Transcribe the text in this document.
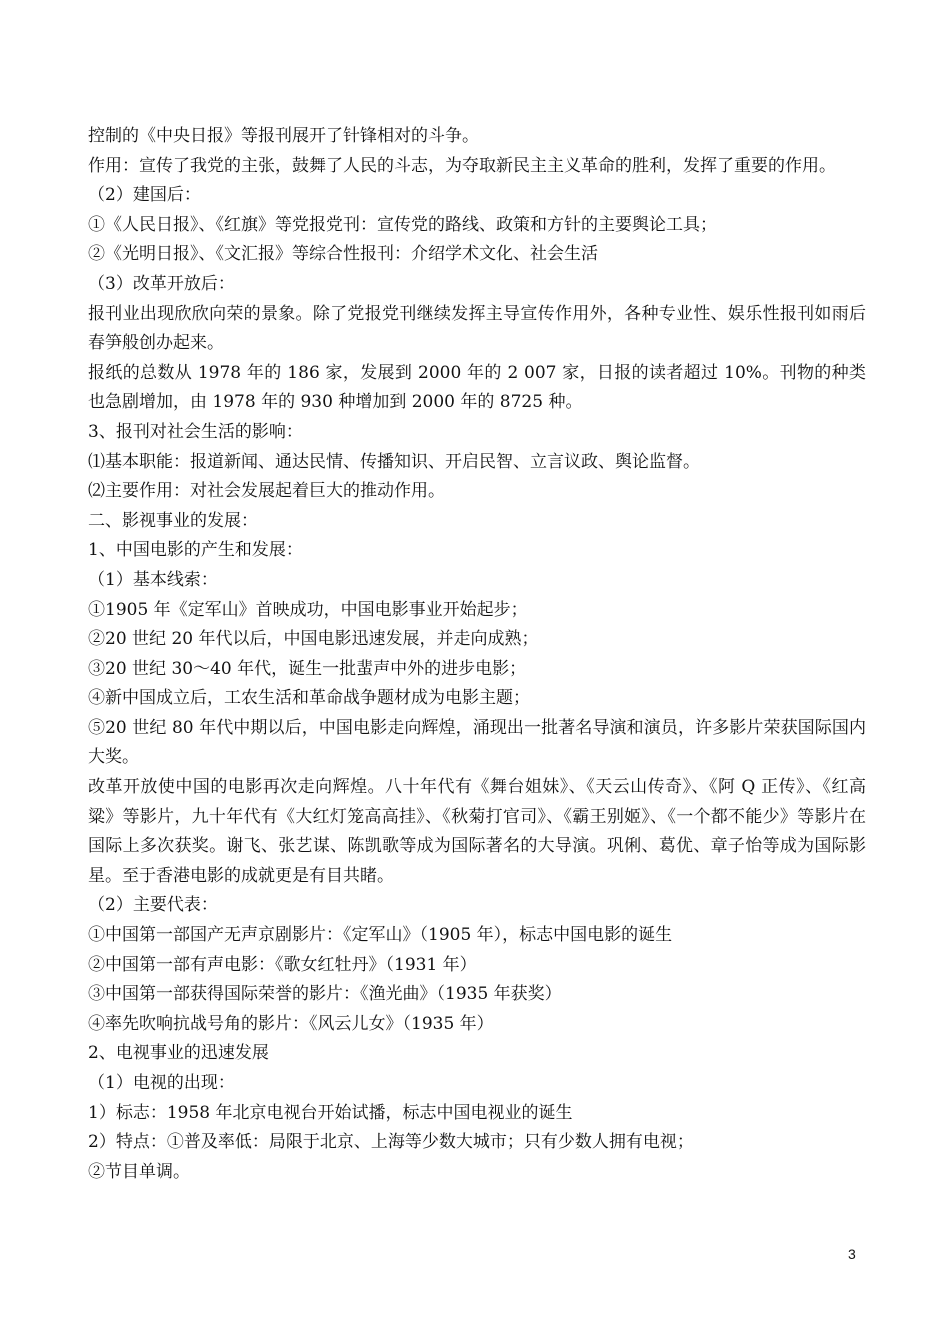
控制的《中央日报》等报刊展开了针锋相对的斗争。
作用：宣传了我党的主张，鼓舞了人民的斗志，为夺取新民主主义革命的胜利，发挥了重要的作用。
（2）建国后：
①《人民日报》、《红旗》等党报党刊：宣传党的路线、政策和方针的主要舆论工具；
②《光明日报》、《文汇报》等综合性报刊：介绍学术文化、社会生活
（3）改革开放后：
报刊业出现欣欣向荣的景象。除了党报党刊继续发挥主导宣传作用外，各种专业性、娱乐性报刊如雨后春笋般创办起来。
报纸的总数从 1978 年的 186 家，发展到 2000 年的 2 007 家，日报的读者超过 10%。刊物的种类也急剧增加，由 1978 年的 930 种增加到 2000 年的 8725 种。
3、报刊对社会生活的影响：
⑴基本职能：报道新闻、通达民情、传播知识、开启民智、立言议政、舆论监督。
⑵主要作用：对社会发展起着巨大的推动作用。
二、影视事业的发展：
1、中国电影的产生和发展：
（1）基本线索：
①1905 年《定军山》首映成功，中国电影事业开始起步；
②20 世纪 20 年代以后，中国电影迅速发展，并走向成熟；
③20 世纪 30～40 年代，诞生一批蜚声中外的进步电影；
④新中国成立后，工农生活和革命战争题材成为电影主题；
⑤20 世纪 80 年代中期以后，中国电影走向辉煌，涌现出一批著名导演和演员，许多影片荣获国际国内大奖。
改革开放使中国的电影再次走向辉煌。八十年代有《舞台姐妹》、《天云山传奇》、《阿 Q 正传》、《红高粱》等影片，九十年代有《大红灯笼高高挂》、《秋菊打官司》、《霸王别姬》、《一个都不能少》等影片在国际上多次获奖。谢飞、张艺谋、陈凯歌等成为国际著名的大导演。巩俐、葛优、章子怡等成为国际影星。至于香港电影的成就更是有目共睹。
（2）主要代表：
①中国第一部国产无声京剧影片：《定军山》（1905 年），标志中国电影的诞生
②中国第一部有声电影：《歌女红牡丹》（1931 年）
③中国第一部获得国际荣誉的影片：《渔光曲》（1935 年获奖）
④率先吹响抗战号角的影片：《风云儿女》（1935 年）
2、电视事业的迅速发展
（1）电视的出现：
1）标志：1958 年北京电视台开始试播，标志中国电视业的诞生
2）特点：①普及率低：局限于北京、上海等少数大城市；只有少数人拥有电视；
②节目单调。
3
